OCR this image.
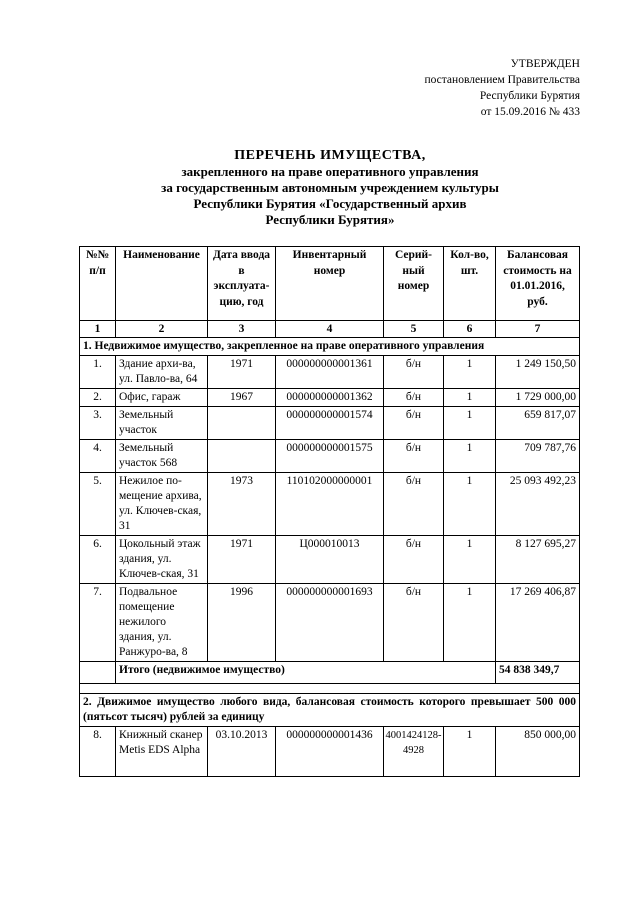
УТВЕРЖДЕН
постановлением Правительства
Республики Бурятия
от 15.09.2016 № 433
ПЕРЕЧЕНЬ ИМУЩЕСТВА,
закрепленного на праве оперативного управления
за государственным автономным учреждением культуры
Республики Бурятия «Государственный архив
Республики Бурятия»
№№ п/п	Наименование	Дата ввода в эксплуата-цию, год	Инвентарный номер	Серий-ный номер	Кол-во, шт.	Балансовая стоимость на 01.01.2016, руб.
1	2	3	4	5	6	7
1. Недвижимое имущество, закрепленное на праве оперативного управления						
1.	Здание архи-ва, ул. Павло-ва, 64	1971	000000000001361	б/н	1	1 249 150,50
2.	Офис, гараж	1967	000000000001362	б/н	1	1 729 000,00
3.	Земельный участок		000000000001574	б/н	1	659 817,07
4.	Земельный участок 568		000000000001575	б/н	1	709 787,76
5.	Нежилое по-мещение архива, ул. Ключев-ская, 31	1973	110102000000001	б/н	1	25 093 492,23
6.	Цокольный этаж здания, ул. Ключев-ская, 31	1971	Ц000010013	б/н	1	8 127 695,27
7.	Подвальное помещение нежилого здания, ул. Ранжуро-ва, 8	1996	000000000001693	б/н	1	17 269 406,87
	Итого (недвижимое имущество)					54 838 349,7

2. Движимое имущество любого вида, балансовая стоимость которого превышает 500 000 (пятьсот тысяч) рублей за единицу						
8.	Книжный сканер Metis EDS Alpha	03.10.2013	000000000001436	4001424128-4928	1	850 000,00
